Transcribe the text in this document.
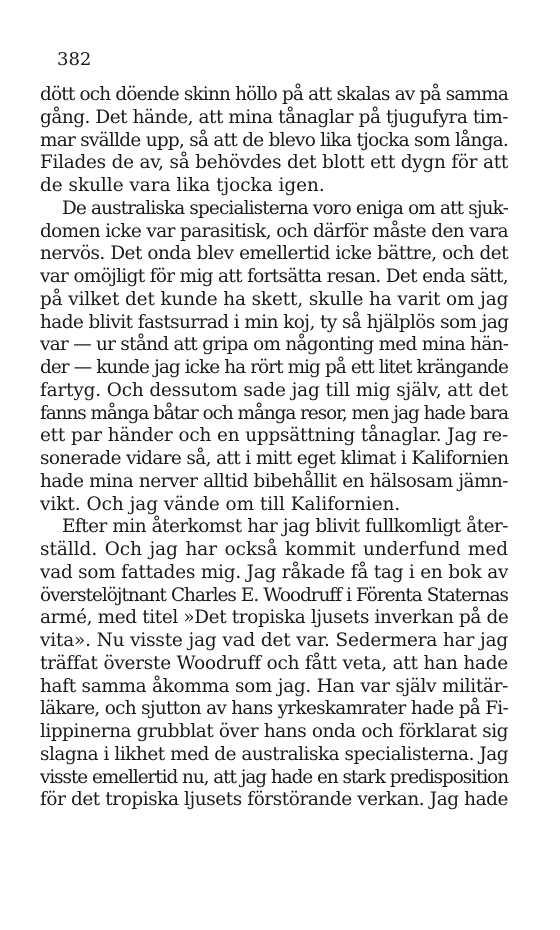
382
dött och döende skinn höllo på att skalas av på samma
gång. Det hände, att mina tånaglar på tjugufyra tim-
mar svällde upp, så att de blevo lika tjocka som långa.
Filades de av, så behövdes det blott ett dygn för att
de skulle vara lika tjocka igen.
De australiska specialisterna voro eniga om att sjuk-
domen icke var parasitisk, och därför måste den vara
nervös. Det onda blev emellertid icke bättre, och det
var omöjligt för mig att fortsätta resan. Det enda sätt,
på vilket det kunde ha skett, skulle ha varit om jag
hade blivit fastsurrad i min koj, ty så hjälplös som jag
var — ur stånd att gripa om någonting med mina hän-
der — kunde jag icke ha rört mig på ett litet krängande
fartyg. Och dessutom sade jag till mig själv, att det
fanns många båtar och många resor, men jag hade bara
ett par händer och en uppsättning tånaglar. Jag re-
sonerade vidare så, att i mitt eget klimat i Kalifornien
hade mina nerver alltid bibehållit en hälsosam jämn-
vikt. Och jag vände om till Kalifornien.
Efter min återkomst har jag blivit fullkomligt åter-
ställd. Och jag har också kommit underfund med
vad som fattades mig. Jag råkade få tag i en bok av
överstelöjtnant Charles E. Woodruff i Förenta Staternas
armé, med titel »Det tropiska ljusets inverkan på de
vita». Nu visste jag vad det var. Sedermera har jag
träffat överste Woodruff och fått veta, att han hade
haft samma åkomma som jag. Han var själv militär-
läkare, och sjutton av hans yrkeskamrater hade på Fi-
lippinerna grubblat över hans onda och förklarat sig
slagna i likhet med de australiska specialisterna. Jag
visste emellertid nu, att jag hade en stark predisposition
för det tropiska ljusets förstörande verkan. Jag hade
